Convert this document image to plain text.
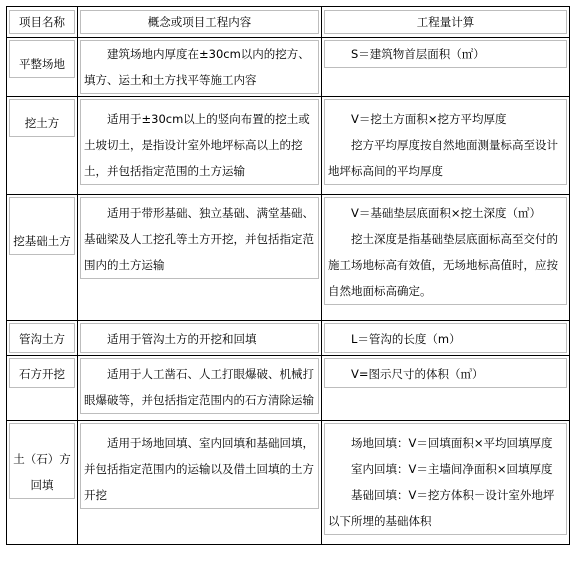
项目名称	概念或项目工程内容	工程量计算

平整场地	建筑场地内厚度在±30cm以内的挖方、填方、运土和土方找平等施工内容	S＝建筑物首层面积（㎡）

挖土方	适用于±30cm以上的竖向布置的挖土或土坡切土，是指设计室外地坪标高以上的挖土，并包括指定范围的土方运输	V＝挖土方面积×挖方平均厚度

挖方平均厚度按自然地面测量标高至设计地坪标高间的平均厚度

挖基础土方	适用于带形基础、独立基础、满堂基础、基础梁及人工挖孔等土方开挖，并包括指定范围内的土方运输	V＝基础垫层底面积×挖土深度（㎥）

挖土深度是指基础垫层底面标高至交付的施工场地标高有效值，无场地标高值时，应按自然地面标高确定。

管沟土方	适用于管沟土方的开挖和回填	L＝管沟的长度（m）

石方开挖	适用于人工凿石、人工打眼爆破、机械打眼爆破等，并包括指定范围内的石方清除运输	V=图示尺寸的体积（㎥）

土（石）方回填	适用于场地回填、室内回填和基础回填，并包括指定范围内的运输以及借土回填的土方开挖	场地回填：V＝回填面积×平均回填厚度

室内回填：V＝主墙间净面积×回填厚度

基础回填：V＝挖方体积－设计室外地坪以下所埋的基础体积
